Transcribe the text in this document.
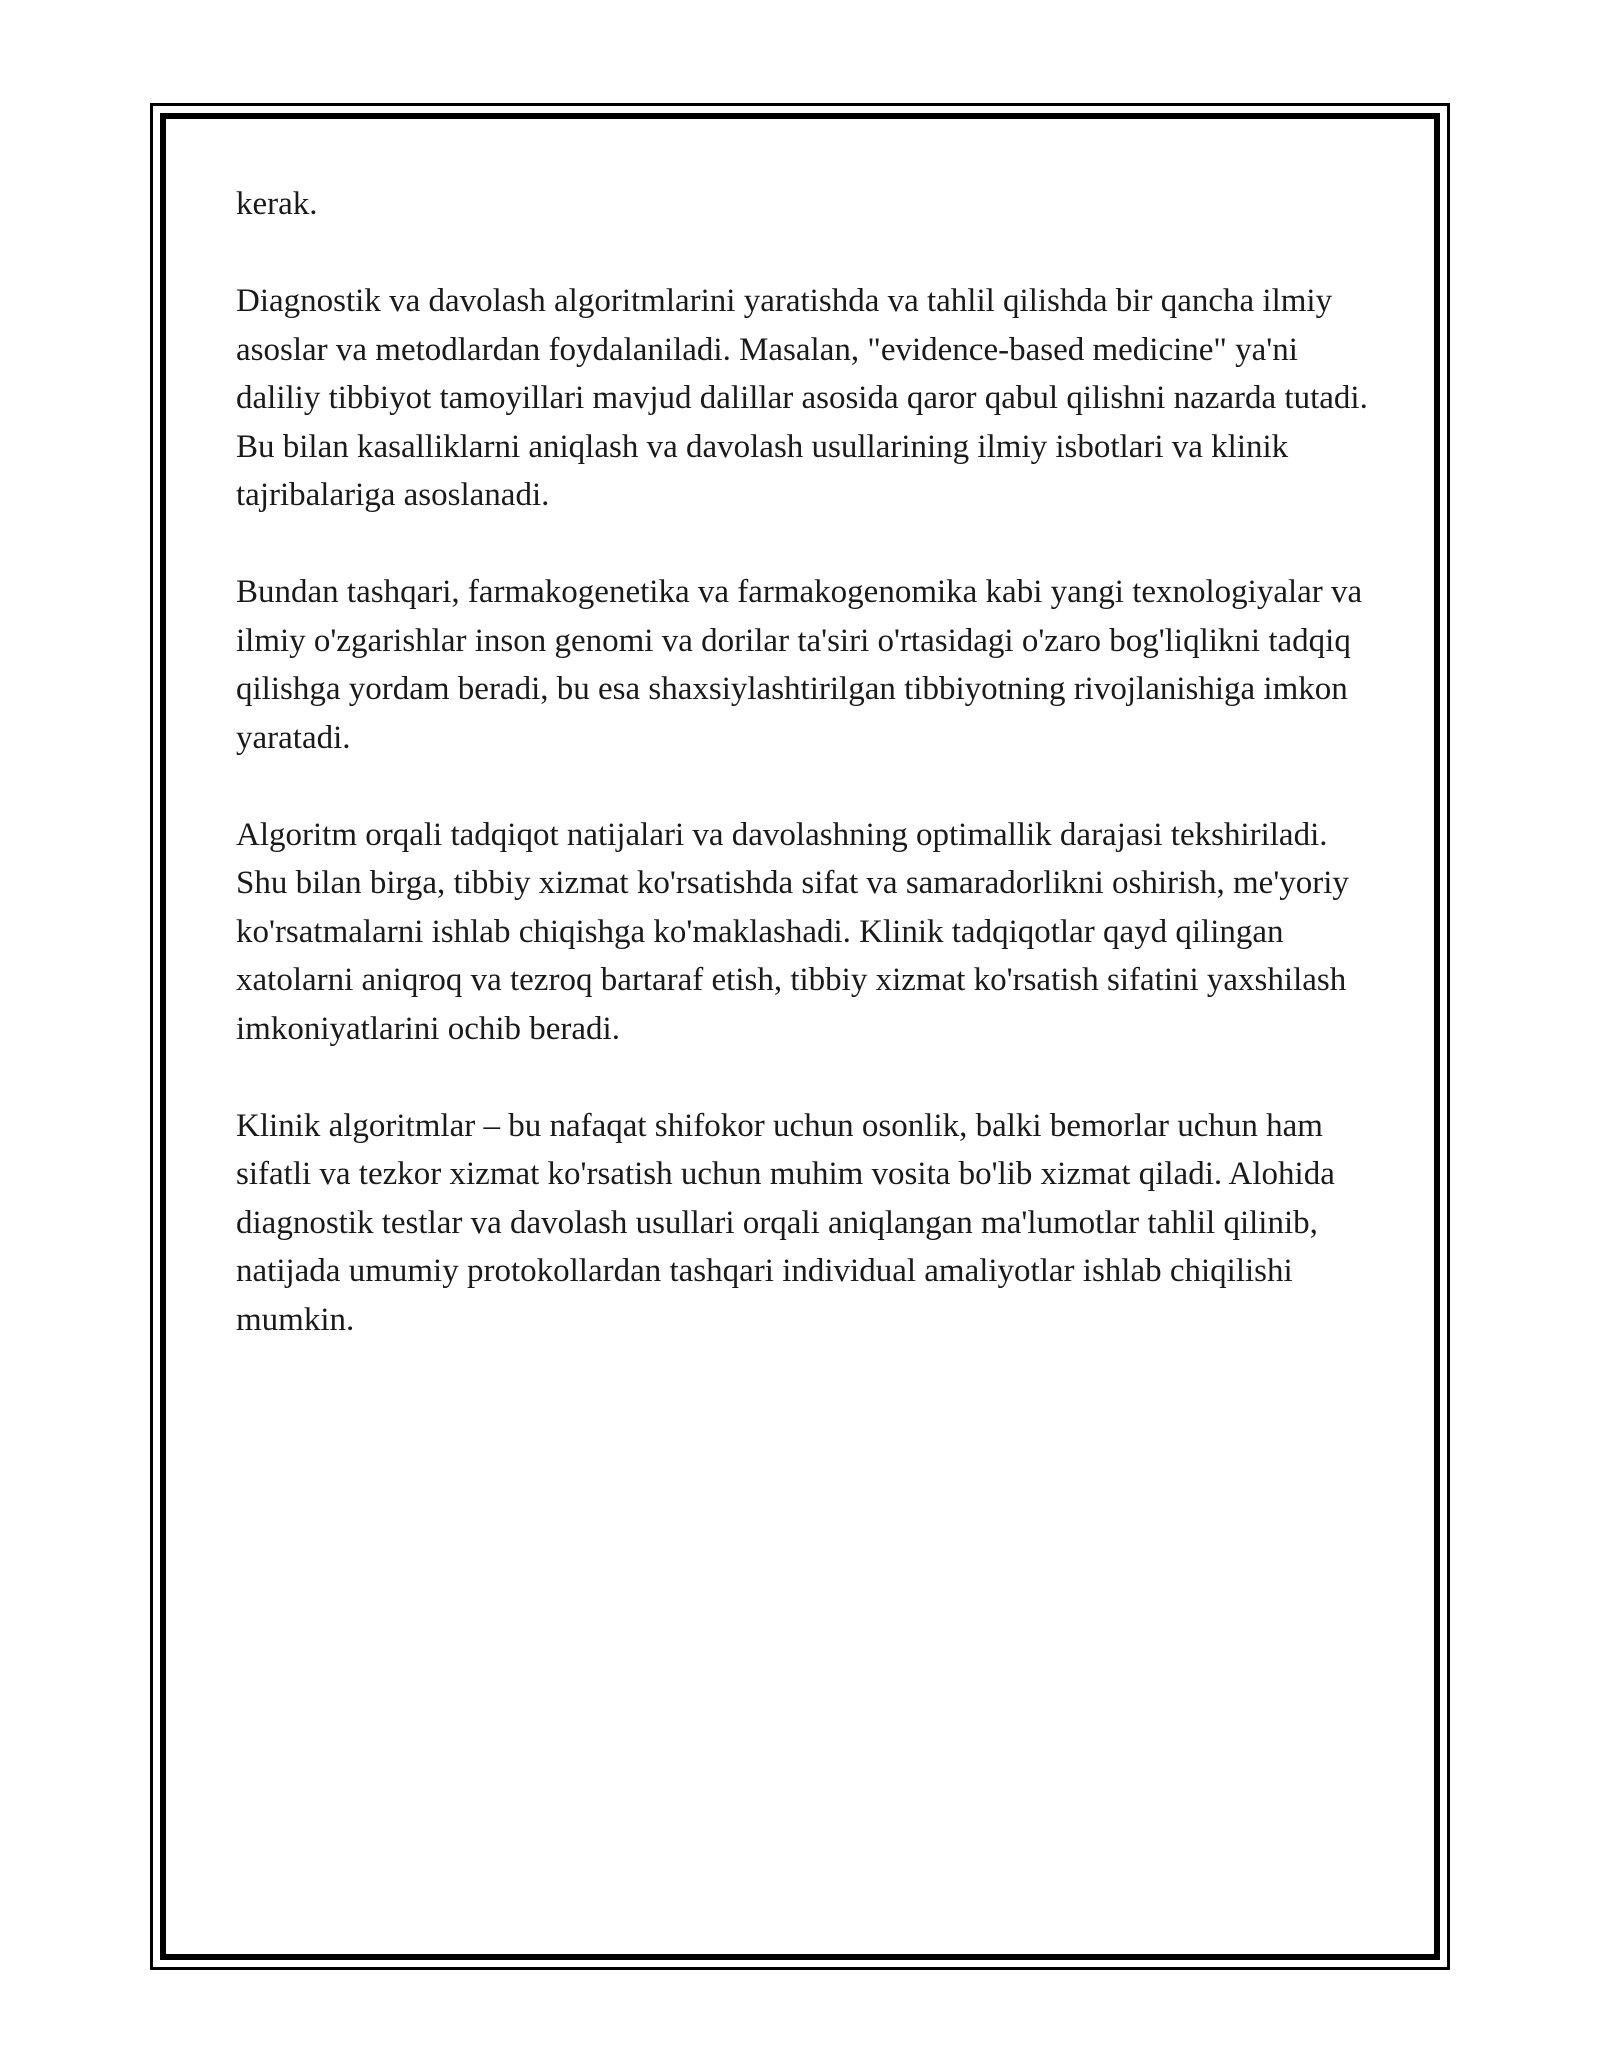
kerak.

Diagnostik va davolash algoritmlarini yaratishda va tahlil qilishda bir qancha ilmiy asoslar va metodlardan foydalaniladi. Masalan, "evidence-based medicine" ya'ni daliliy tibbiyot tamoyillari mavjud dalillar asosida qaror qabul qilishni nazarda tutadi. Bu bilan kasalliklarni aniqlash va davolash usullarining ilmiy isbotlari va klinik tajribalariga asoslanadi.

Bundan tashqari, farmakogenetika va farmakogenomika kabi yangi texnologiyalar va ilmiy o'zgarishlar inson genomi va dorilar ta'siri o'rtasidagi o'zaro bog'liqlikni tadqiq qilishga yordam beradi, bu esa shaxsiylashtirilgan tibbiyotning rivojlanishiga imkon yaratadi.

Algoritm orqali tadqiqot natijalari va davolashning optimallik darajasi tekshiriladi. Shu bilan birga, tibbiy xizmat ko'rsatishda sifat va samaradorlikni oshirish, me'yoriy ko'rsatmalarni ishlab chiqishga ko'maklashadi. Klinik tadqiqotlar qayd qilingan xatolarni aniqroq va tezroq bartaraf etish, tibbiy xizmat ko'rsatish sifatini yaxshilash imkoniyatlarini ochib beradi.

Klinik algoritmlar – bu nafaqat shifokor uchun osonlik, balki bemorlar uchun ham sifatli va tezkor xizmat ko'rsatish uchun muhim vosita bo'lib xizmat qiladi. Alohida diagnostik testlar va davolash usullari orqali aniqlangan ma'lumotlar tahlil qilinib, natijada umumiy protokollardan tashqari individual amaliyotlar ishlab chiqilishi mumkin.
